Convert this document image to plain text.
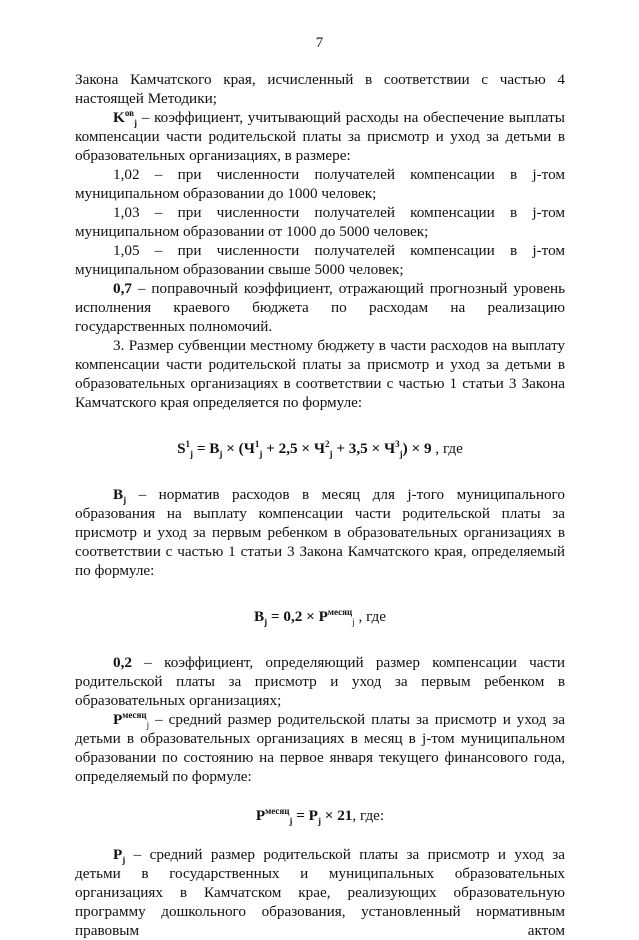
7

Закона Камчатского края, исчисленный в соответствии с частью 4 настоящей Методики;

$K^{ов}_j$ – коэффициент, учитывающий расходы на обеспечение выплаты компенсации части родительской платы за присмотр и уход за детьми в образовательных организациях, в размере:

1,02 – при численности получателей компенсации в j-том муниципальном образовании до 1000 человек;

1,03 – при численности получателей компенсации в j-том муниципальном образовании от 1000 до 5000 человек;

1,05 – при численности получателей компенсации в j-том муниципальном образовании свыше 5000 человек;

0,7 – поправочный коэффициент, отражающий прогнозный уровень исполнения краевого бюджета по расходам на реализацию государственных полномочий.

3. Размер субвенции местному бюджету в части расходов на выплату компенсации части родительской платы за присмотр и уход за детьми в образовательных организациях в соответствии с частью 1 статьи 3 Закона Камчатского края определяется по формуле:

$S^1_j = B_j \times (Ч^1_j + 2,5 \times Ч^2_j + 3,5 \times Ч^3_j) \times 9$ , где

$B_j$ – норматив расходов в месяц для j-того муниципального образования на выплату компенсации части родительской платы за присмотр и уход за первым ребенком в образовательных организациях в соответствии с частью 1 статьи 3 Закона Камчатского края, определяемый по формуле:

$B_j = 0,2 \times P^{месяц}_j$ , где

0,2 – коэффициент, определяющий размер компенсации части родительской платы за присмотр и уход за первым ребенком в образовательных организациях;

$P^{месяц}_j$ – средний размер родительской платы за присмотр и уход за детьми в образовательных организациях в месяц в j-том муниципальном образовании по состоянию на первое января текущего финансового года, определяемый по формуле:

$P^{месяц}_j = P_j \times 21$, где:

$P_j$ – средний размер родительской платы за присмотр и уход за детьми в государственных и муниципальных образовательных организациях в Камчатском крае, реализующих образовательную программу дошкольного образования, установленный нормативным правовым актом
